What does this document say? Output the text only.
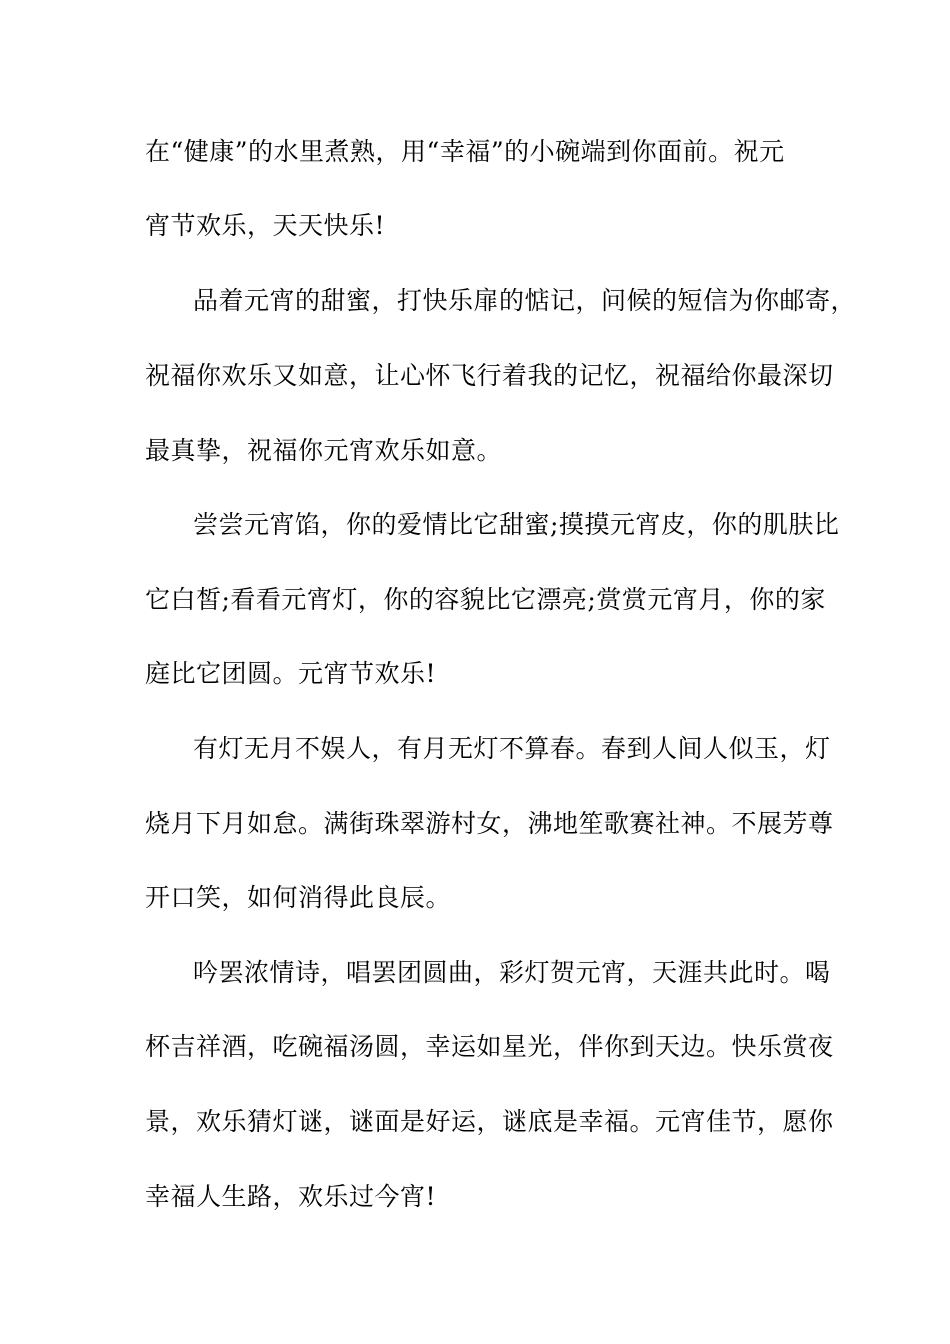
在“健康”的水里煮熟，用“幸福”的小碗端到你面前。祝元
宵节欢乐，天天快乐!
品着元宵的甜蜜，打快乐扉的惦记，问候的短信为你邮寄，
祝福你欢乐又如意，让心怀飞行着我的记忆，祝福给你最深切
最真挚，祝福你元宵欢乐如意。
尝尝元宵馅，你的爱情比它甜蜜;摸摸元宵皮，你的肌肤比
它白皙;看看元宵灯，你的容貌比它漂亮;赏赏元宵月，你的家
庭比它团圆。元宵节欢乐!
有灯无月不娱人，有月无灯不算春。春到人间人似玉，灯
烧月下月如怠。满街珠翠游村女，沸地笙歌赛社神。不展芳尊
开口笑，如何消得此良辰。
吟罢浓情诗，唱罢团圆曲，彩灯贺元宵，天涯共此时。喝
杯吉祥酒，吃碗福汤圆，幸运如星光，伴你到天边。快乐赏夜
景，欢乐猜灯谜，谜面是好运，谜底是幸福。元宵佳节，愿你
幸福人生路，欢乐过今宵!
